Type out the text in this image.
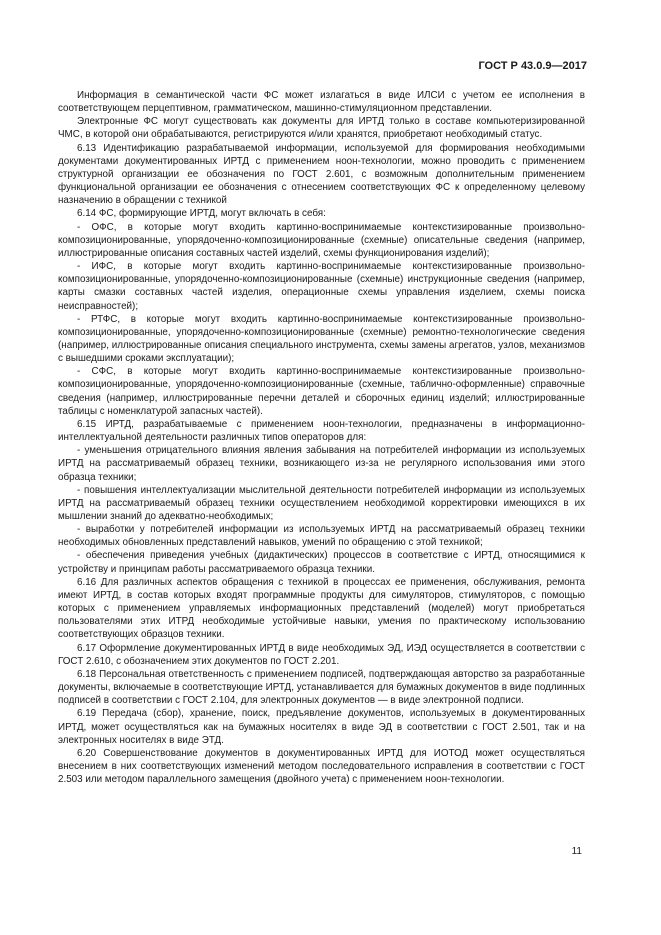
ГОСТ Р 43.0.9—2017

Информация в семантической части ФС может излагаться в виде ИЛСИ с учетом ее исполнения в соответствующем перцептивном, грамматическом, машинно-стимуляционном представлении.

Электронные ФС могут существовать как документы для ИРТД только в составе компьютеризированной ЧМС, в которой они обрабатываются, регистрируются и/или хранятся, приобретают необходимый статус.

6.13 Идентификацию разрабатываемой информации, используемой для формирования необходимыми документами документированных ИРТД с применением ноон-технологии, можно проводить с применением структурной организации ее обозначения по ГОСТ 2.601, с возможным дополнительным применением функциональной организации ее обозначения с отнесением соответствующих ФС к определенному целевому назначению в обращении с техникой

6.14 ФС, формирующие ИРТД, могут включать в себя:

- ОФС, в которые могут входить картинно-воспринимаемые контекстизированные произвольно-композиционированные, упорядоченно-композиционированные (схемные) описательные сведения (например, иллюстрированные описания составных частей изделий, схемы функционирования изделий);

- ИФС, в которые могут входить картинно-воспринимаемые контекстизированные произвольно-композиционированные, упорядоченно-композиционированные (схемные) инструкционные сведения (например, карты смазки составных частей изделия, операционные схемы управления изделием, схемы поиска неисправностей);

- РТФС, в которые могут входить картинно-воспринимаемые контекстизированные произвольно-композиционированные, упорядоченно-композиционированные (схемные) ремонтно-технологические сведения (например, иллюстрированные описания специального инструмента, схемы замены агрегатов, узлов, механизмов с вышедшими сроками эксплуатации);

- СФС, в которые могут входить картинно-воспринимаемые контекстизированные произвольно-композиционированные, упорядоченно-композиционированные (схемные, таблично-оформленные) справочные сведения (например, иллюстрированные перечни деталей и сборочных единиц изделий; иллюстрированные таблицы с номенклатурой запасных частей).

6.15 ИРТД, разрабатываемые с применением ноон-технологии, предназначены в информационно-интеллектуальной деятельности различных типов операторов для:

- уменьшения отрицательного влияния явления забывания на потребителей информации из используемых ИРТД на рассматриваемый образец техники, возникающего из-за не регулярного использования ими этого образца техники;

- повышения интеллектуализации мыслительной деятельности потребителей информации из используемых ИРТД на рассматриваемый образец техники осуществлением необходимой корректировки имеющихся в их мышлении знаний до адекватно-необходимых;

- выработки у потребителей информации из используемых ИРТД на рассматриваемый образец техники необходимых обновленных представлений навыков, умений по обращению с этой техникой;

- обеспечения приведения учебных (дидактических) процессов в соответствие с ИРТД, относящимися к устройству и принципам работы рассматриваемого образца техники.

6.16 Для различных аспектов обращения с техникой в процессах ее применения, обслуживания, ремонта имеют ИРТД, в состав которых входят программные продукты для симуляторов, стимуляторов, с помощью которых с применением управляемых информационных представлений (моделей) могут приобретаться пользователями этих ИТРД необходимые устойчивые навыки, умения по практическому использованию соответствующих образцов техники.

6.17 Оформление документированных ИРТД в виде необходимых ЭД, ИЭД осуществляется в соответствии с ГОСТ 2.610, с обозначением этих документов по ГОСТ 2.201.

6.18 Персональная ответственность с применением подписей, подтверждающая авторство за разработанные документы, включаемые в соответствующие ИРТД, устанавливается для бумажных документов в виде подлинных подписей в соответствии с ГОСТ 2.104, для электронных документов — в виде электронной подписи.

6.19 Передача (сбор), хранение, поиск, предъявление документов, используемых в документированных ИРТД, может осуществляться как на бумажных носителях в виде ЭД в соответствии с ГОСТ 2.501, так и на электронных носителях в виде ЭТД.

6.20 Совершенствование документов в документированных ИРТД для ИОТОД может осуществляться внесением в них соответствующих изменений методом последовательного исправления в соответствии с ГОСТ 2.503 или методом параллельного замещения (двойного учета) с применением ноон-технологии.

11
